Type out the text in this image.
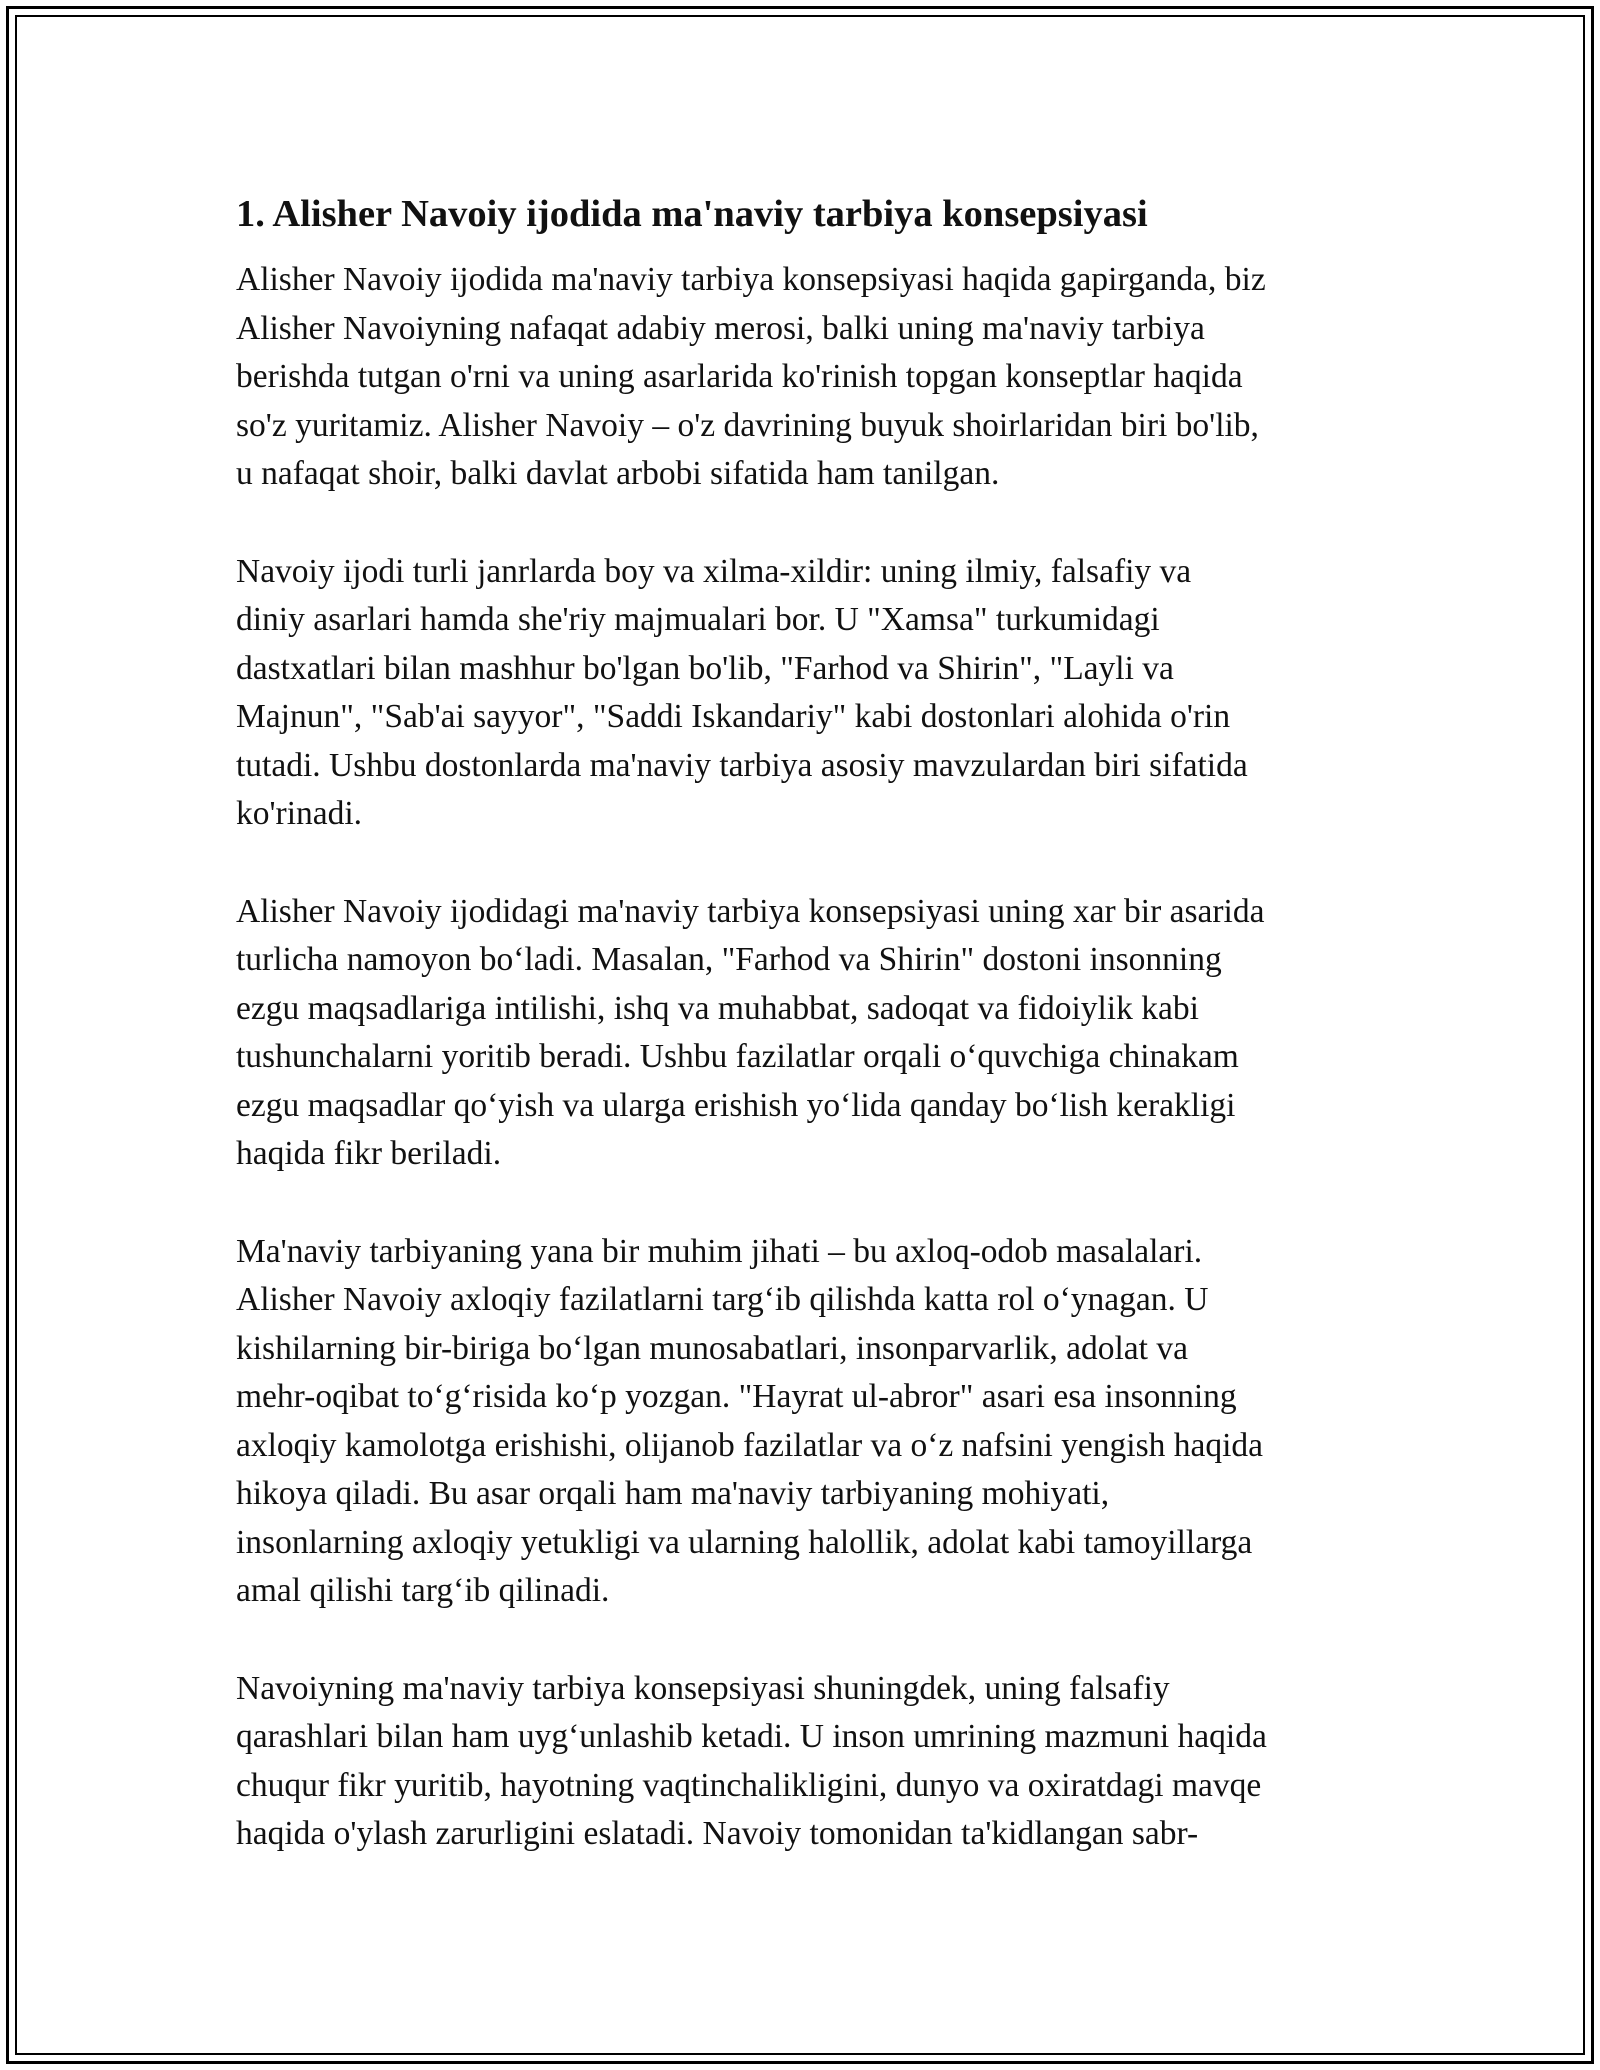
1. Alisher Navoiy ijodida ma'naviy tarbiya konsepsiyasi
Alisher Navoiy ijodida ma'naviy tarbiya konsepsiyasi haqida gapirganda, biz
Alisher Navoiyning nafaqat adabiy merosi, balki uning ma'naviy tarbiya
berishda tutgan o'rni va uning asarlarida ko'rinish topgan konseptlar haqida
so'z yuritamiz. Alisher Navoiy – o'z davrining buyuk shoirlaridan biri bo'lib,
u nafaqat shoir, balki davlat arbobi sifatida ham tanilgan.
Navoiy ijodi turli janrlarda boy va xilma-xildir: uning ilmiy, falsafiy va
diniy asarlari hamda she'riy majmualari bor. U "Xamsa" turkumidagi
dastxatlari bilan mashhur bo'lgan bo'lib, "Farhod va Shirin", "Layli va
Majnun", "Sab'ai sayyor", "Saddi Iskandariy" kabi dostonlari alohida o'rin
tutadi. Ushbu dostonlarda ma'naviy tarbiya asosiy mavzulardan biri sifatida
ko'rinadi.
Alisher Navoiy ijodidagi ma'naviy tarbiya konsepsiyasi uning xar bir asarida
turlicha namoyon boʻladi. Masalan, "Farhod va Shirin" dostoni insonning
ezgu maqsadlariga intilishi, ishq va muhabbat, sadoqat va fidoiylik kabi
tushunchalarni yoritib beradi. Ushbu fazilatlar orqali oʻquvchiga chinakam
ezgu maqsadlar qoʻyish va ularga erishish yoʻlida qanday boʻlish kerakligi
haqida fikr beriladi.
Ma'naviy tarbiyaning yana bir muhim jihati – bu axloq-odob masalalari.
Alisher Navoiy axloqiy fazilatlarni targʻib qilishda katta rol oʻynagan. U
kishilarning bir-biriga boʻlgan munosabatlari, insonparvarlik, adolat va
mehr-oqibat toʻgʻrisida koʻp yozgan. "Hayrat ul-abror" asari esa insonning
axloqiy kamolotga erishishi, olijanob fazilatlar va oʻz nafsini yengish haqida
hikoya qiladi. Bu asar orqali ham ma'naviy tarbiyaning mohiyati,
insonlarning axloqiy yetukligi va ularning halollik, adolat kabi tamoyillarga
amal qilishi targʻib qilinadi.
Navoiyning ma'naviy tarbiya konsepsiyasi shuningdek, uning falsafiy
qarashlari bilan ham uygʻunlashib ketadi. U inson umrining mazmuni haqida
chuqur fikr yuritib, hayotning vaqtinchalikligini, dunyo va oxiratdagi mavqe
haqida o'ylash zarurligini eslatadi. Navoiy tomonidan ta'kidlangan sabr-
